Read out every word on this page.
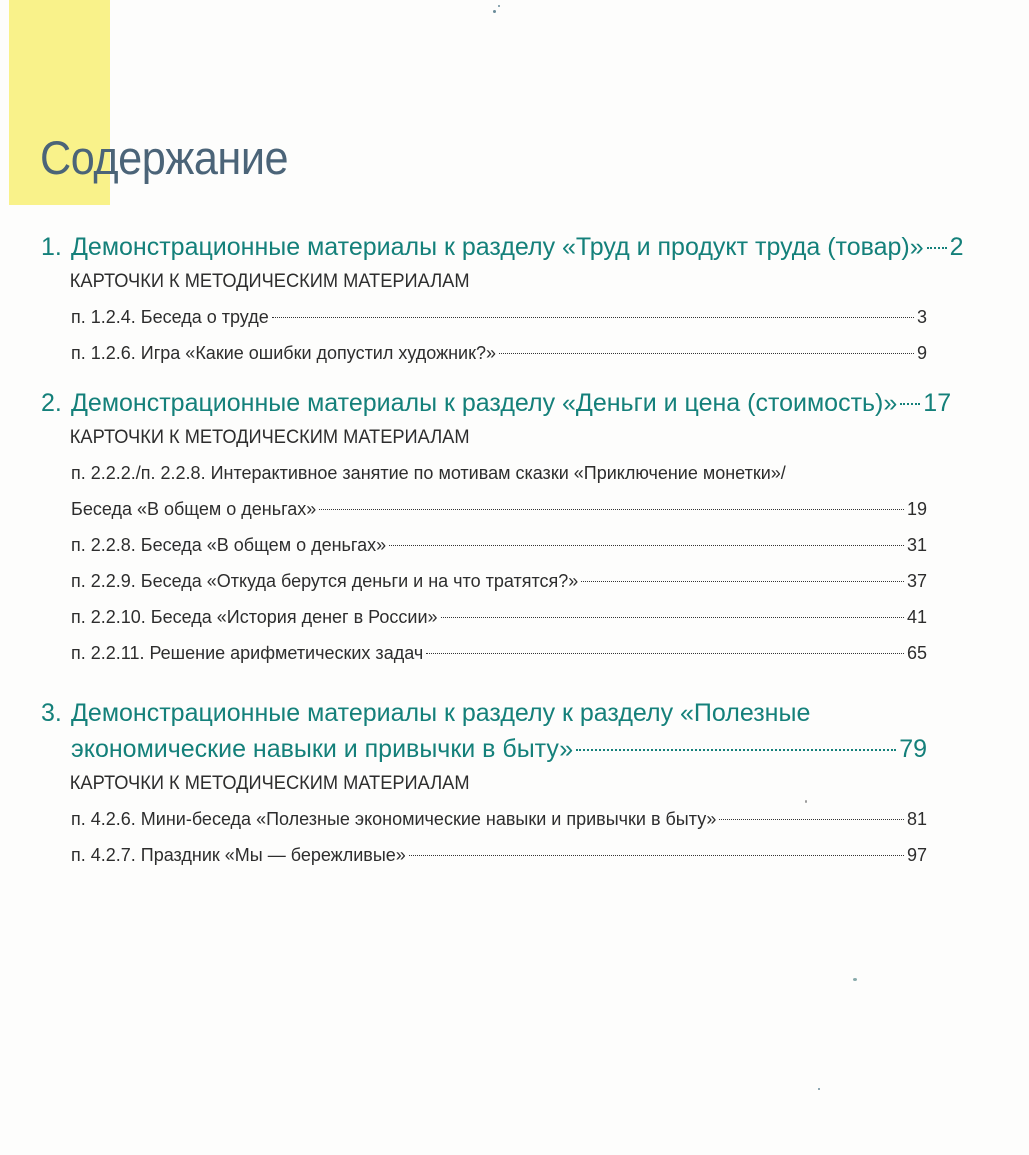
Содержание
1. Демонстрационные материалы к разделу «Труд и продукт труда (товар)» 2

КАРТОЧКИ К МЕТОДИЧЕСКИМ МАТЕРИАЛАМ

п. 1.2.4. Беседа о труде	3
п. 1.2.6. Игра «Какие ошибки допустил художник?»	9
2. Демонстрационные материалы к разделу «Деньги и цена (стоимость)» 17

КАРТОЧКИ К МЕТОДИЧЕСКИМ МАТЕРИАЛАМ

п. 2.2.2./п. 2.2.8. Интерактивное занятие по мотивам сказки «Приключение монетки»/
Беседа «В общем о деньгах»	19
п. 2.2.8. Беседа «В общем о деньгах»	31
п. 2.2.9. Беседа «Откуда берутся деньги и на что тратятся?»	37
п. 2.2.10. Беседа «История денег в России»	41
п. 2.2.11. Решение арифметических задач	65
3. Демонстрационные материалы к разделу к разделу «Полезные
экономические навыки и привычки в быту»	79

КАРТОЧКИ К МЕТОДИЧЕСКИМ МАТЕРИАЛАМ

п. 4.2.6. Мини-беседа «Полезные экономические навыки и привычки в быту»	81
п. 4.2.7. Праздник «Мы — бережливые»	97
